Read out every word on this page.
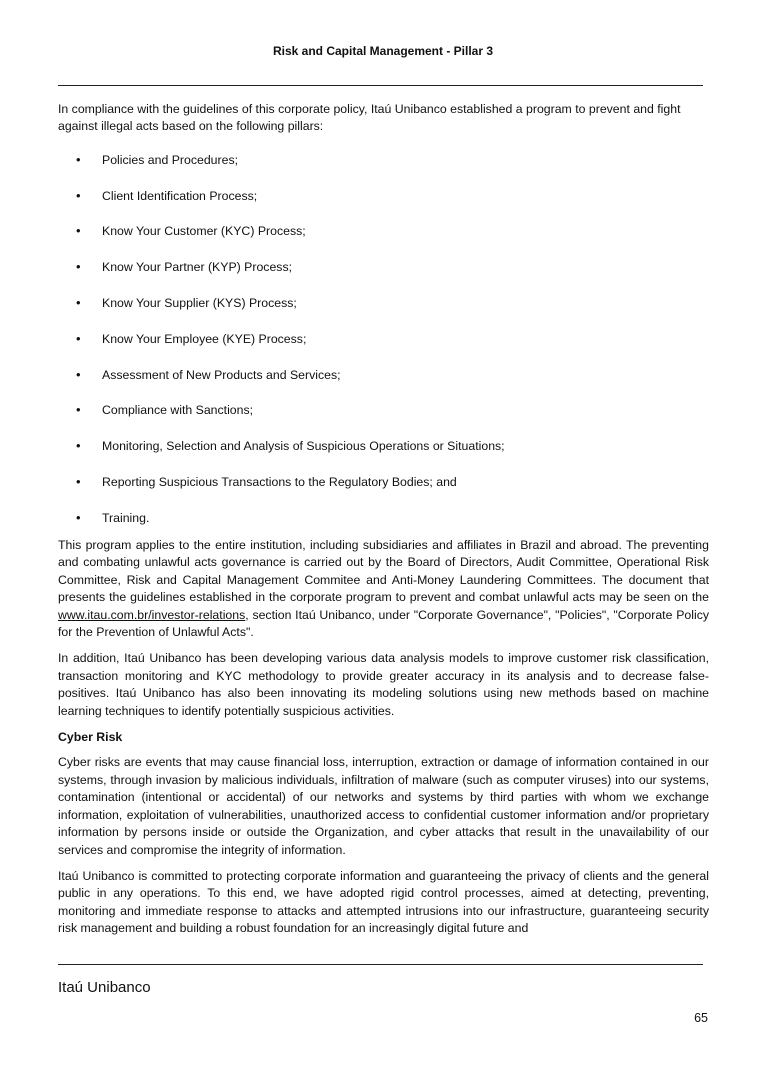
Risk and Capital Management - Pillar 3

In compliance with the guidelines of this corporate policy, Itaú Unibanco established a program to prevent and fight against illegal acts based on the following pillars:

• Policies and Procedures;
• Client Identification Process;
• Know Your Customer (KYC) Process;
• Know Your Partner (KYP) Process;
• Know Your Supplier (KYS) Process;
• Know Your Employee (KYE) Process;
• Assessment of New Products and Services;
• Compliance with Sanctions;
• Monitoring, Selection and Analysis of Suspicious Operations or Situations;
• Reporting Suspicious Transactions to the Regulatory Bodies; and
• Training.

This program applies to the entire institution, including subsidiaries and affiliates in Brazil and abroad. The preventing and combating unlawful acts governance is carried out by the Board of Directors, Audit Committee, Operational Risk Committee, Risk and Capital Management Commitee and Anti-Money Laundering Committees. The document that presents the guidelines established in the corporate program to prevent and combat unlawful acts may be seen on the www.itau.com.br/investor-relations, section Itaú Unibanco, under "Corporate Governance", "Policies", "Corporate Policy for the Prevention of Unlawful Acts".

In addition, Itaú Unibanco has been developing various data analysis models to improve customer risk classification, transaction monitoring and KYC methodology to provide greater accuracy in its analysis and to decrease false-positives. Itaú Unibanco has also been innovating its modeling solutions using new methods based on machine learning techniques to identify potentially suspicious activities.

Cyber Risk

Cyber risks are events that may cause financial loss, interruption, extraction or damage of information contained in our systems, through invasion by malicious individuals, infiltration of malware (such as computer viruses) into our systems, contamination (intentional or accidental) of our networks and systems by third parties with whom we exchange information, exploitation of vulnerabilities, unauthorized access to confidential customer information and/or proprietary information by persons inside or outside the Organization, and cyber attacks that result in the unavailability of our services and compromise the integrity of information.

Itaú Unibanco is committed to protecting corporate information and guaranteeing the privacy of clients and the general public in any operations. To this end, we have adopted rigid control processes, aimed at detecting, preventing, monitoring and immediate response to attacks and attempted intrusions into our infrastructure, guaranteeing security risk management and building a robust foundation for an increasingly digital future and

Itaú Unibanco
65
